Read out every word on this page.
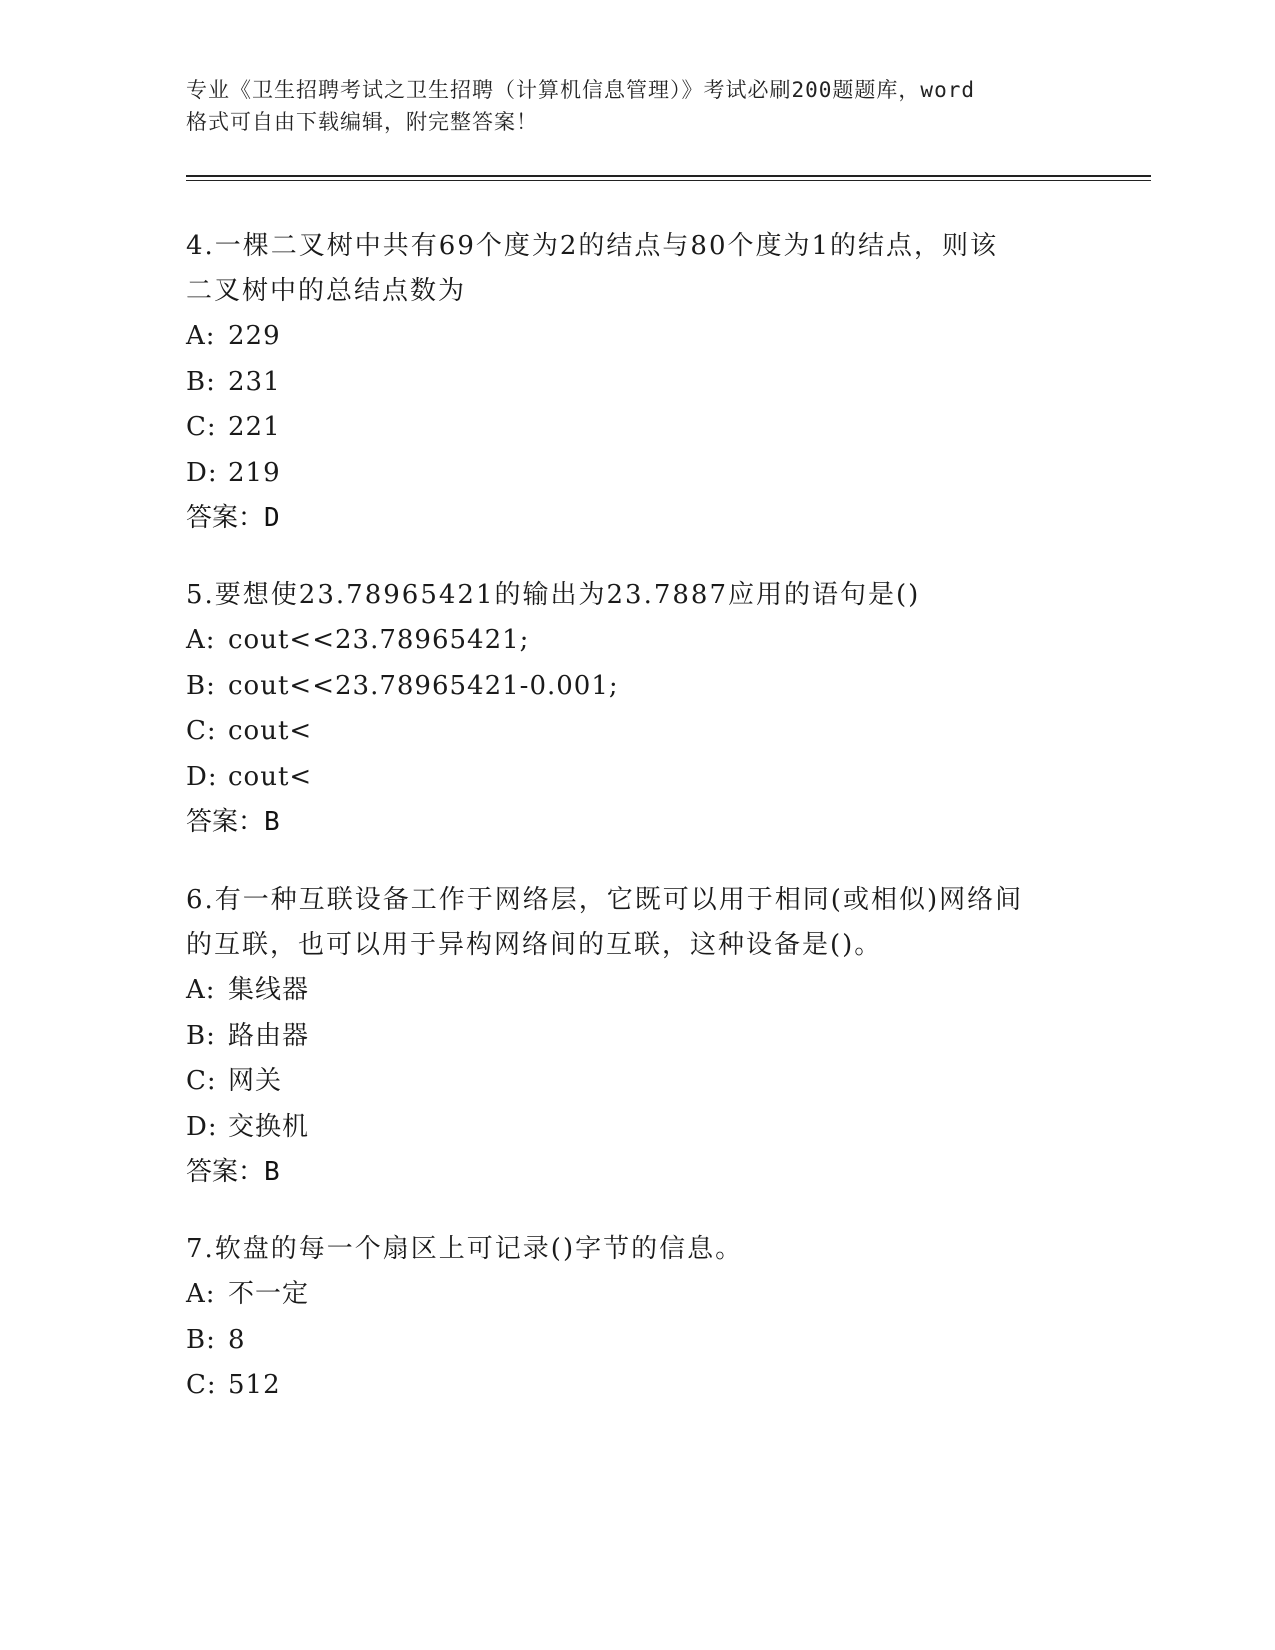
专业《卫生招聘考试之卫生招聘（计算机信息管理）》考试必刷200题题库，word
格式可自由下载编辑，附完整答案！
4.一棵二叉树中共有69个度为2的结点与80个度为1的结点，则该
二叉树中的总结点数为
A: 229
B: 231
C: 221
D: 219
答案：D
5.要想使23.78965421的输出为23.7887应用的语句是()
A: cout<<23.78965421;
B: cout<<23.78965421-0.001;
C: cout<
D: cout<
答案：B
6.有一种互联设备工作于网络层，它既可以用于相同(或相似)网络间
的互联，也可以用于异构网络间的互联，这种设备是()。
A: 集线器
B: 路由器
C: 网关
D: 交换机
答案：B
7.软盘的每一个扇区上可记录()字节的信息。
A: 不一定
B: 8
C: 512
